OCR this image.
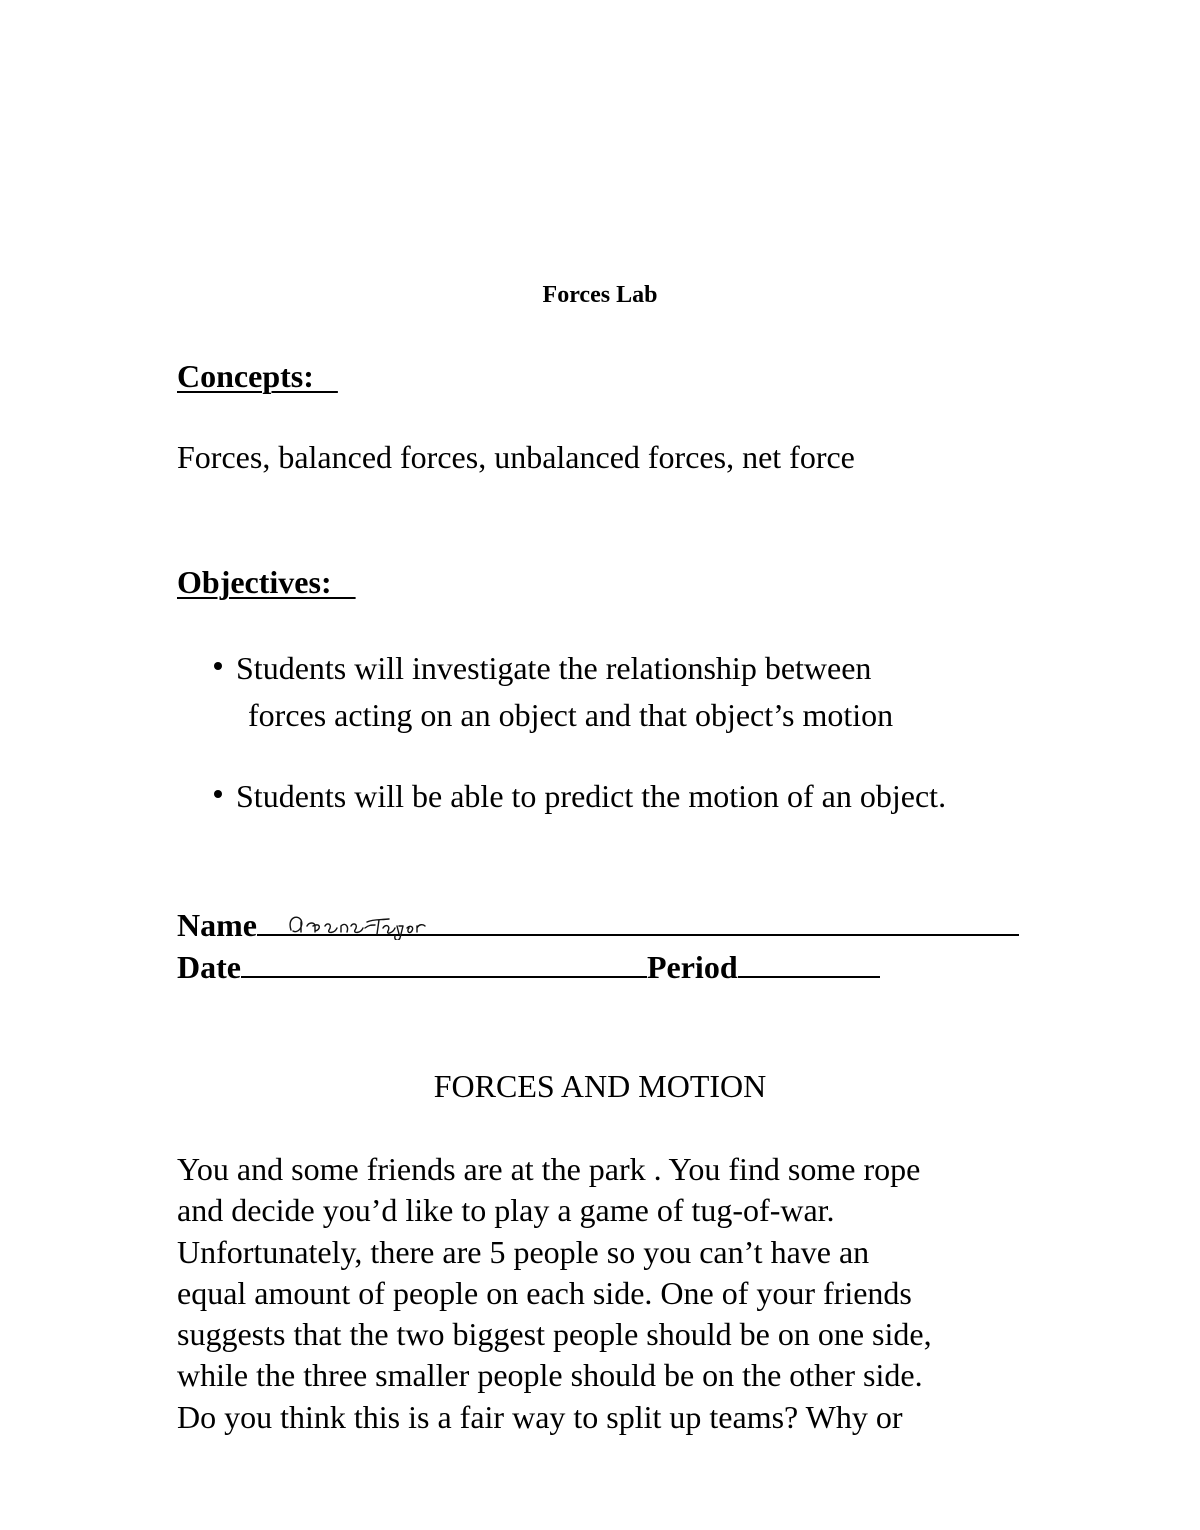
Forces Lab
Concepts:
Forces, balanced forces, unbalanced forces, net force
Objectives:
Students will investigate the relationship between
forces acting on an object and that object’s motion
Students will be able to predict the motion of an object.
Name
Date	Period
FORCES AND MOTION
You and some friends are at the park . You find some rope
and decide you’d like to play a game of tug-of-war.
Unfortunately, there are 5 people so you can’t have an
equal amount of people on each side. One of your friends
suggests that the two biggest people should be on one side,
while the three smaller people should be on the other side.
Do you think this is a fair way to split up teams? Why or
